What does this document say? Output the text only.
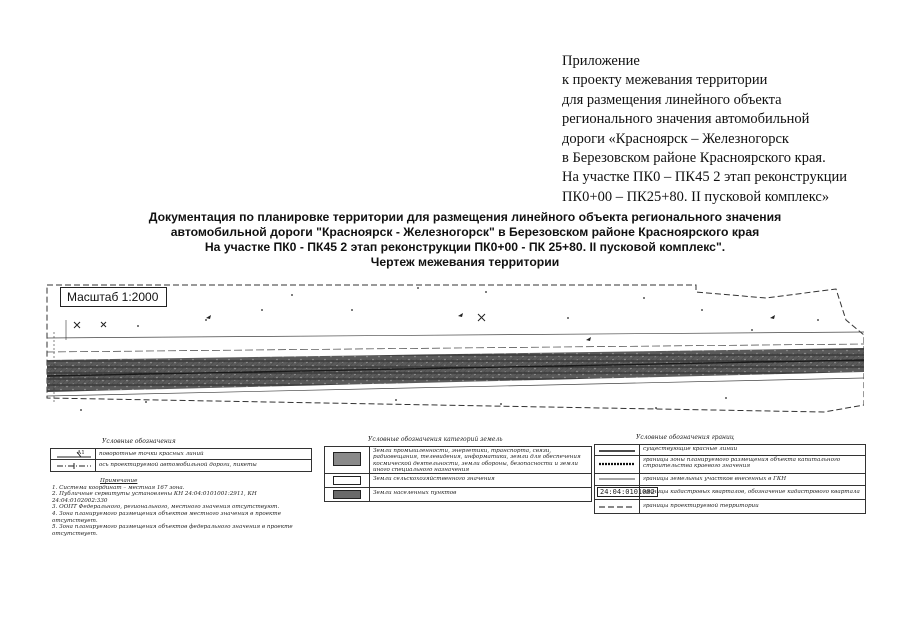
Приложение
к проекту межевания территории
для размещения линейного объекта
регионального значения автомобильной
дороги «Красноярск – Железногорск
в Березовском районе Красноярского края.
На участке ПК0 – ПК45 2 этап реконструкции
ПК0+00 – ПК25+80. II пусковой комплекс»
Документация по планировке территории для размещения линейного объекта регионального значения
автомобильной дороги "Красноярск - Железногорск" в Березовском районе Красноярского края
На участке ПК0 - ПК45 2 этап реконструкции ПК0+00 - ПК 25+80. II пусковой комплекс".
Чертеж межевания территории
Масштаб 1:2000
Условные обозначения
А1	поворотные точки красных линий
ось проектируемой автомобильной дороги, пикеты
Условные обозначения категорий земель
Земли промышленности, энергетики, транспорта, связи, радиовещания, телевидения, информатики, земли для обеспечения космической деятельности, земли обороны, безопасности и земли иного специального назначения
Земли сельскохозяйственного значения
Земли населенных пунктов
Условные обозначения границ
существующие красные линии
границы зоны планируемого размещения объекта капитального строительства краевого значения
границы земельных участков внесенных в ГКН
24:04:0101002
границы кадастровых кварталов, обозначение кадастрового квартала
границы проектируемой территории
Примечание
1. Система координат – местная 167 зона.
2. Публичные сервитуты установлены КН 24:04:0101001:2911, КН 24:04:0102002:330
3. ООПТ Федерального, регионального, местного значения отсутствуют.
4. Зона планируемого размещения объектов местного значения в проекте отсутствует.
5. Зона планируемого размещения объектов федерального значения в проекте отсутствует.
